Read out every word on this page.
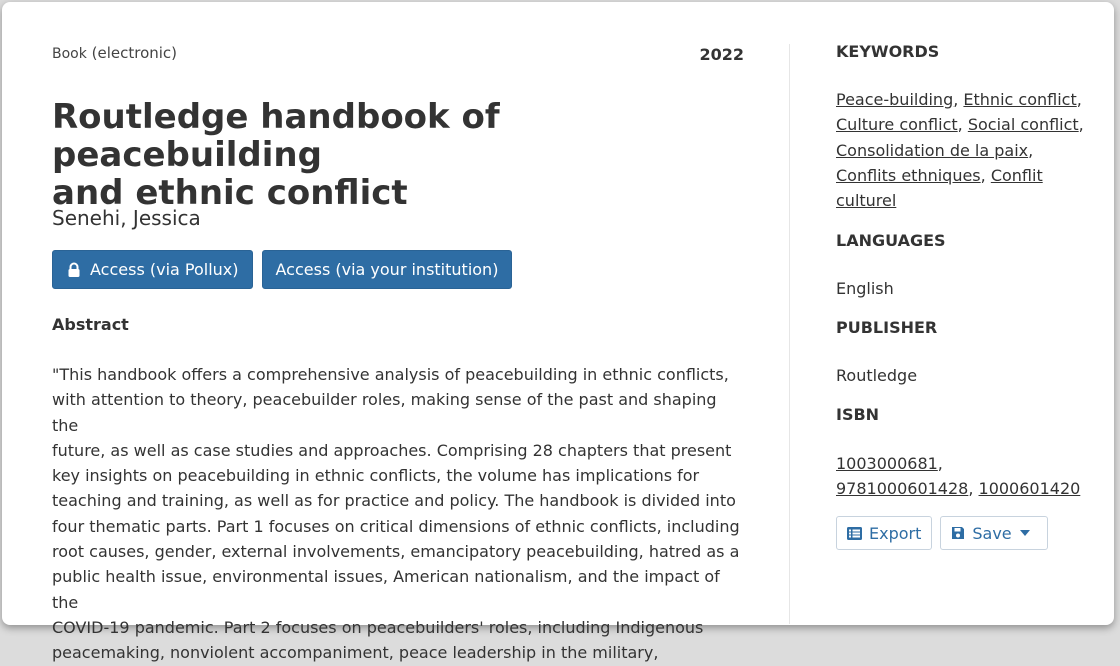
Book (electronic)	2022
Routledge handbook of peacebuilding
and ethnic conflict
Senehi, Jessica
Access (via Pollux) Access (via your institution)
Abstract
"This handbook offers a comprehensive analysis of peacebuilding in ethnic conflicts,
with attention to theory, peacebuilder roles, making sense of the past and shaping the
future, as well as case studies and approaches. Comprising 28 chapters that present
key insights on peacebuilding in ethnic conflicts, the volume has implications for
teaching and training, as well as for practice and policy. The handbook is divided into
four thematic parts. Part 1 focuses on critical dimensions of ethnic conflicts, including
root causes, gender, external involvements, emancipatory peacebuilding, hatred as a
public health issue, environmental issues, American nationalism, and the impact of the
COVID-19 pandemic. Part 2 focuses on peacebuilders' roles, including Indigenous
peacemaking, nonviolent accompaniment, peace leadership in the military,
KEYWORDS
Peace-building, Ethnic conflict, Culture conflict, Social conflict, Consolidation de la paix, Conflits ethniques, Conflit culturel
LANGUAGES
English
PUBLISHER
Routledge
ISBN
1003000681,
9781000601428, 1000601420
Export	Save
